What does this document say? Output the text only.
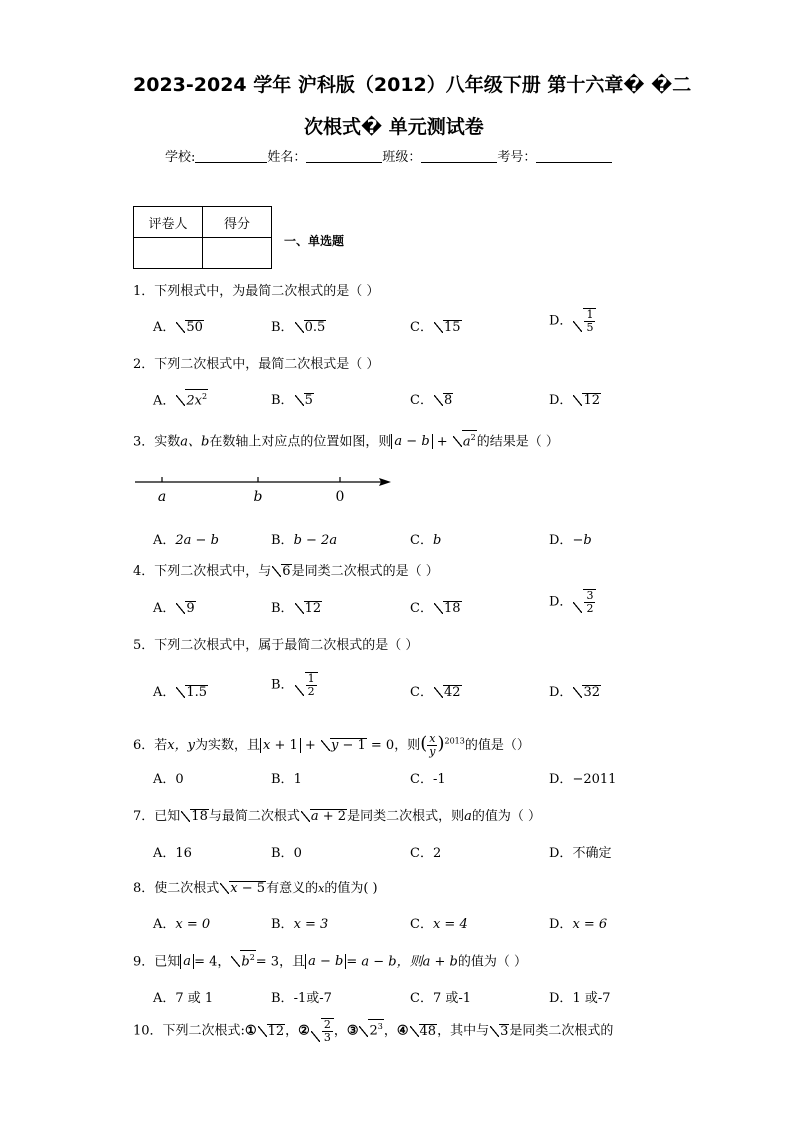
2023-2024 学年 沪科版（2012）八年级下册 第十六章� �二
次根式� 单元测试卷
学校:	姓名：	班级：	考号：
评卷人	得分

一、单选题
1．下列根式中，为最简二次根式的是（ ）
A． 50	B． 0.5	C． 15	D． $\frac{1}{5}$
2．下列二次根式中，最简二次根式是（ ）
A． $2x^2$	B． 5	C． 8	D． 12
3．实数a、b在数轴上对应点的位置如图，则 $a - b + a^2$的结果是（ ）
a	b	0
A．2a − b	B．b − 2a	C．b	D．−b
4．下列二次根式中，与 6是同类二次根式的是（ ）
A． 9	B． 12	C． 18	D． $\frac{3}{2}$
5．下列二次根式中，属于最简二次根式的是（ ）
A． 1.5	B． $\frac{1}{2}$	C． 42	D． 32
6．若x，y为实数，且 x + 1 + y − 1 = 0，则( $\frac{x}{y} )^{2013}$的值是（）
A．0	B．1	C．-1	D．−2011
7．已知 18与最简二次根式 a + 2是同类二次根式，则a的值为（ ）
A．16	B．0	C．2	D．不确定
8．使二次根式 x − 5有意义的x的值为( )
A．x = 0	B．x = 3	C．x = 4	D．x = 6
9．已知 a = 4， $b^2= 3$，且 a − b = a − b，则a + b的值为（ ）
A．7 或 1	B．-1或-7	C．7 或-1	D．1 或-7
10．下列二次根式:① 12，② $\frac{2}{3}$ ，③ $2^3$，④ 48，其中与 3是同类二次根式的
